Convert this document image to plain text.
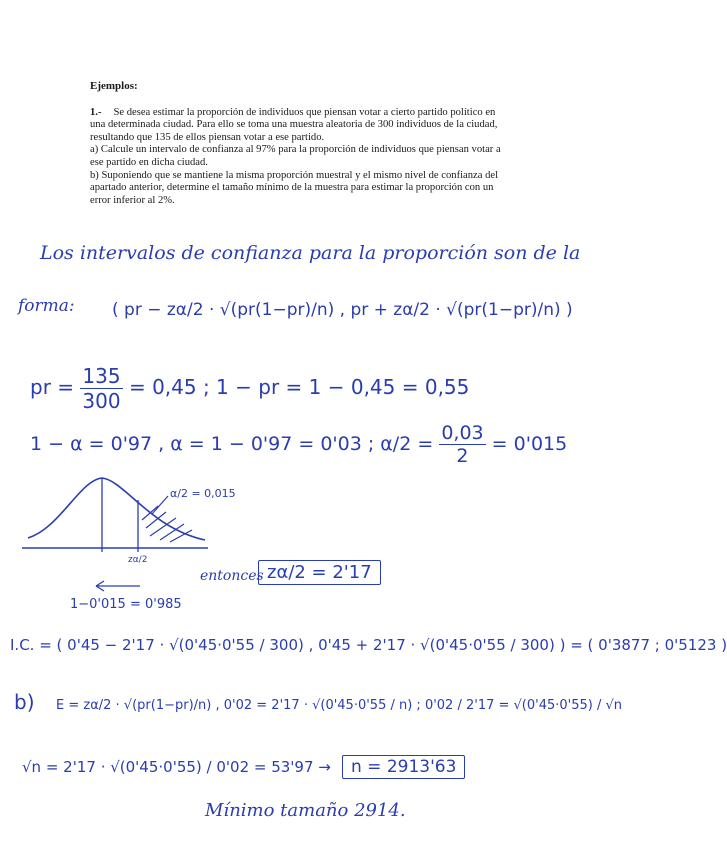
Ejemplos:

1.- Se desea estimar la proporción de individuos que piensan votar a cierto partido político en una determinada ciudad. Para ello se toma una muestra aleatoria de 300 individuos de la ciudad, resultando que 135 de ellos piensan votar a ese partido.

a) Calcule un intervalo de confianza al 97% para la proporción de individuos que piensan votar a ese partido en dicha ciudad.

b) Suponiendo que se mantiene la misma proporción muestral y el mismo nivel de confianza del apartado anterior, determine el tamaño mínimo de la muestra para estimar la proporción con un error inferior al 2%.

Los intervalos de confianza para la proporción son de la
forma: ( pr − zα/2 · √(pr(1−pr)/n) , pr + zα/2 · √(pr(1−pr)/n) )
pr = $\frac{135}{300} = 0,45$ ; 1 − pr = 1 − 0,45 = 0,55
1 − α = 0'97 , α = 1 − 0'97 = 0'03 ; $\alpha/2 = \frac{0,03}{2} = 0'015$
α/2 = 0,015
zα/2
1−0'015 = 0'985
entonces zα/2 = 2'17
I.C. = ( 0'45 − 2'17 · √(0'45·0'55 / 300) , 0'45 + 2'17 · √(0'45·0'55 / 300) ) = ( 0'3877 ; 0'5123 )
b) E = zα/2 · √(pr(1−pr)/n) , 0'02 = 2'17 · √(0'45·0'55 / n) ; 0'02 / 2'17 = √(0'45·0'55) / √n
√n = 2'17 · √(0'45·0'55) / 0'02 = 53'97 →	n = 2913'63
Mínimo tamaño 2914.
